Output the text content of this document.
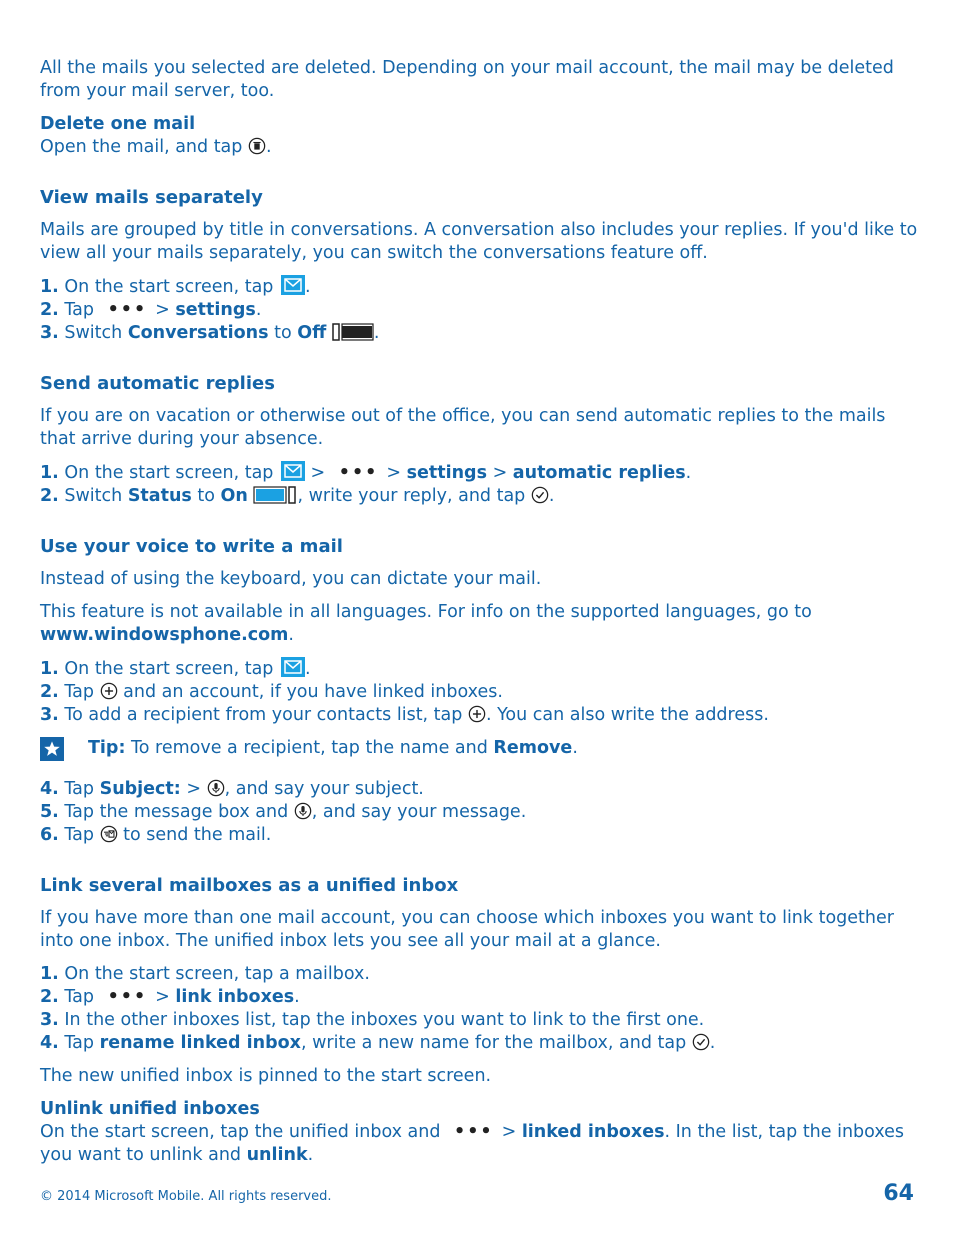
All the mails you selected are deleted. Depending on your mail account, the mail may be deleted from your mail server, too.

Delete one mail

Open the mail, and tap .

View mails separately

Mails are grouped by title in conversations. A conversation also includes your replies. If you'd like to view all your mails separately, you can switch the conversations feature off.

1. On the start screen, tap
.

2. Tap ••• > settings.

3. Switch Conversations to Off	.

Send automatic replies

If you are on vacation or otherwise out of the office, you can send automatic replies to the mails that arrive during your absence.

1. On the start screen, tap
> ••• > settings > automatic replies.

2. Switch Status to On	, write your reply, and tap .

Use your voice to write a mail

Instead of using the keyboard, you can dictate your mail.

This feature is not available in all languages. For info on the supported languages, go to
www.windowsphone.com.

1. On the start screen, tap
.

2. Tap  and an account, if you have linked inboxes.

3. To add a recipient from your contacts list, tap . You can also write the address.

Tip: To remove a recipient, tap the name and Remove.

4. Tap Subject: > , and say your subject.

5. Tap the message box and , and say your message.

6. Tap  to send the mail.

Link several mailboxes as a unified inbox

If you have more than one mail account, you can choose which inboxes you want to link together into one inbox. The unified inbox lets you see all your mail at a glance.

1. On the start screen, tap a mailbox.

2. Tap ••• > link inboxes.

3. In the other inboxes list, tap the inboxes you want to link to the first one.

4. Tap rename linked inbox, write a new name for the mailbox, and tap .

The new unified inbox is pinned to the start screen.

Unlink unified inboxes

On the start screen, tap the unified inbox and ••• > linked inboxes. In the list, tap the inboxes you want to unlink and unlink.

© 2014 Microsoft Mobile. All rights reserved.	64
